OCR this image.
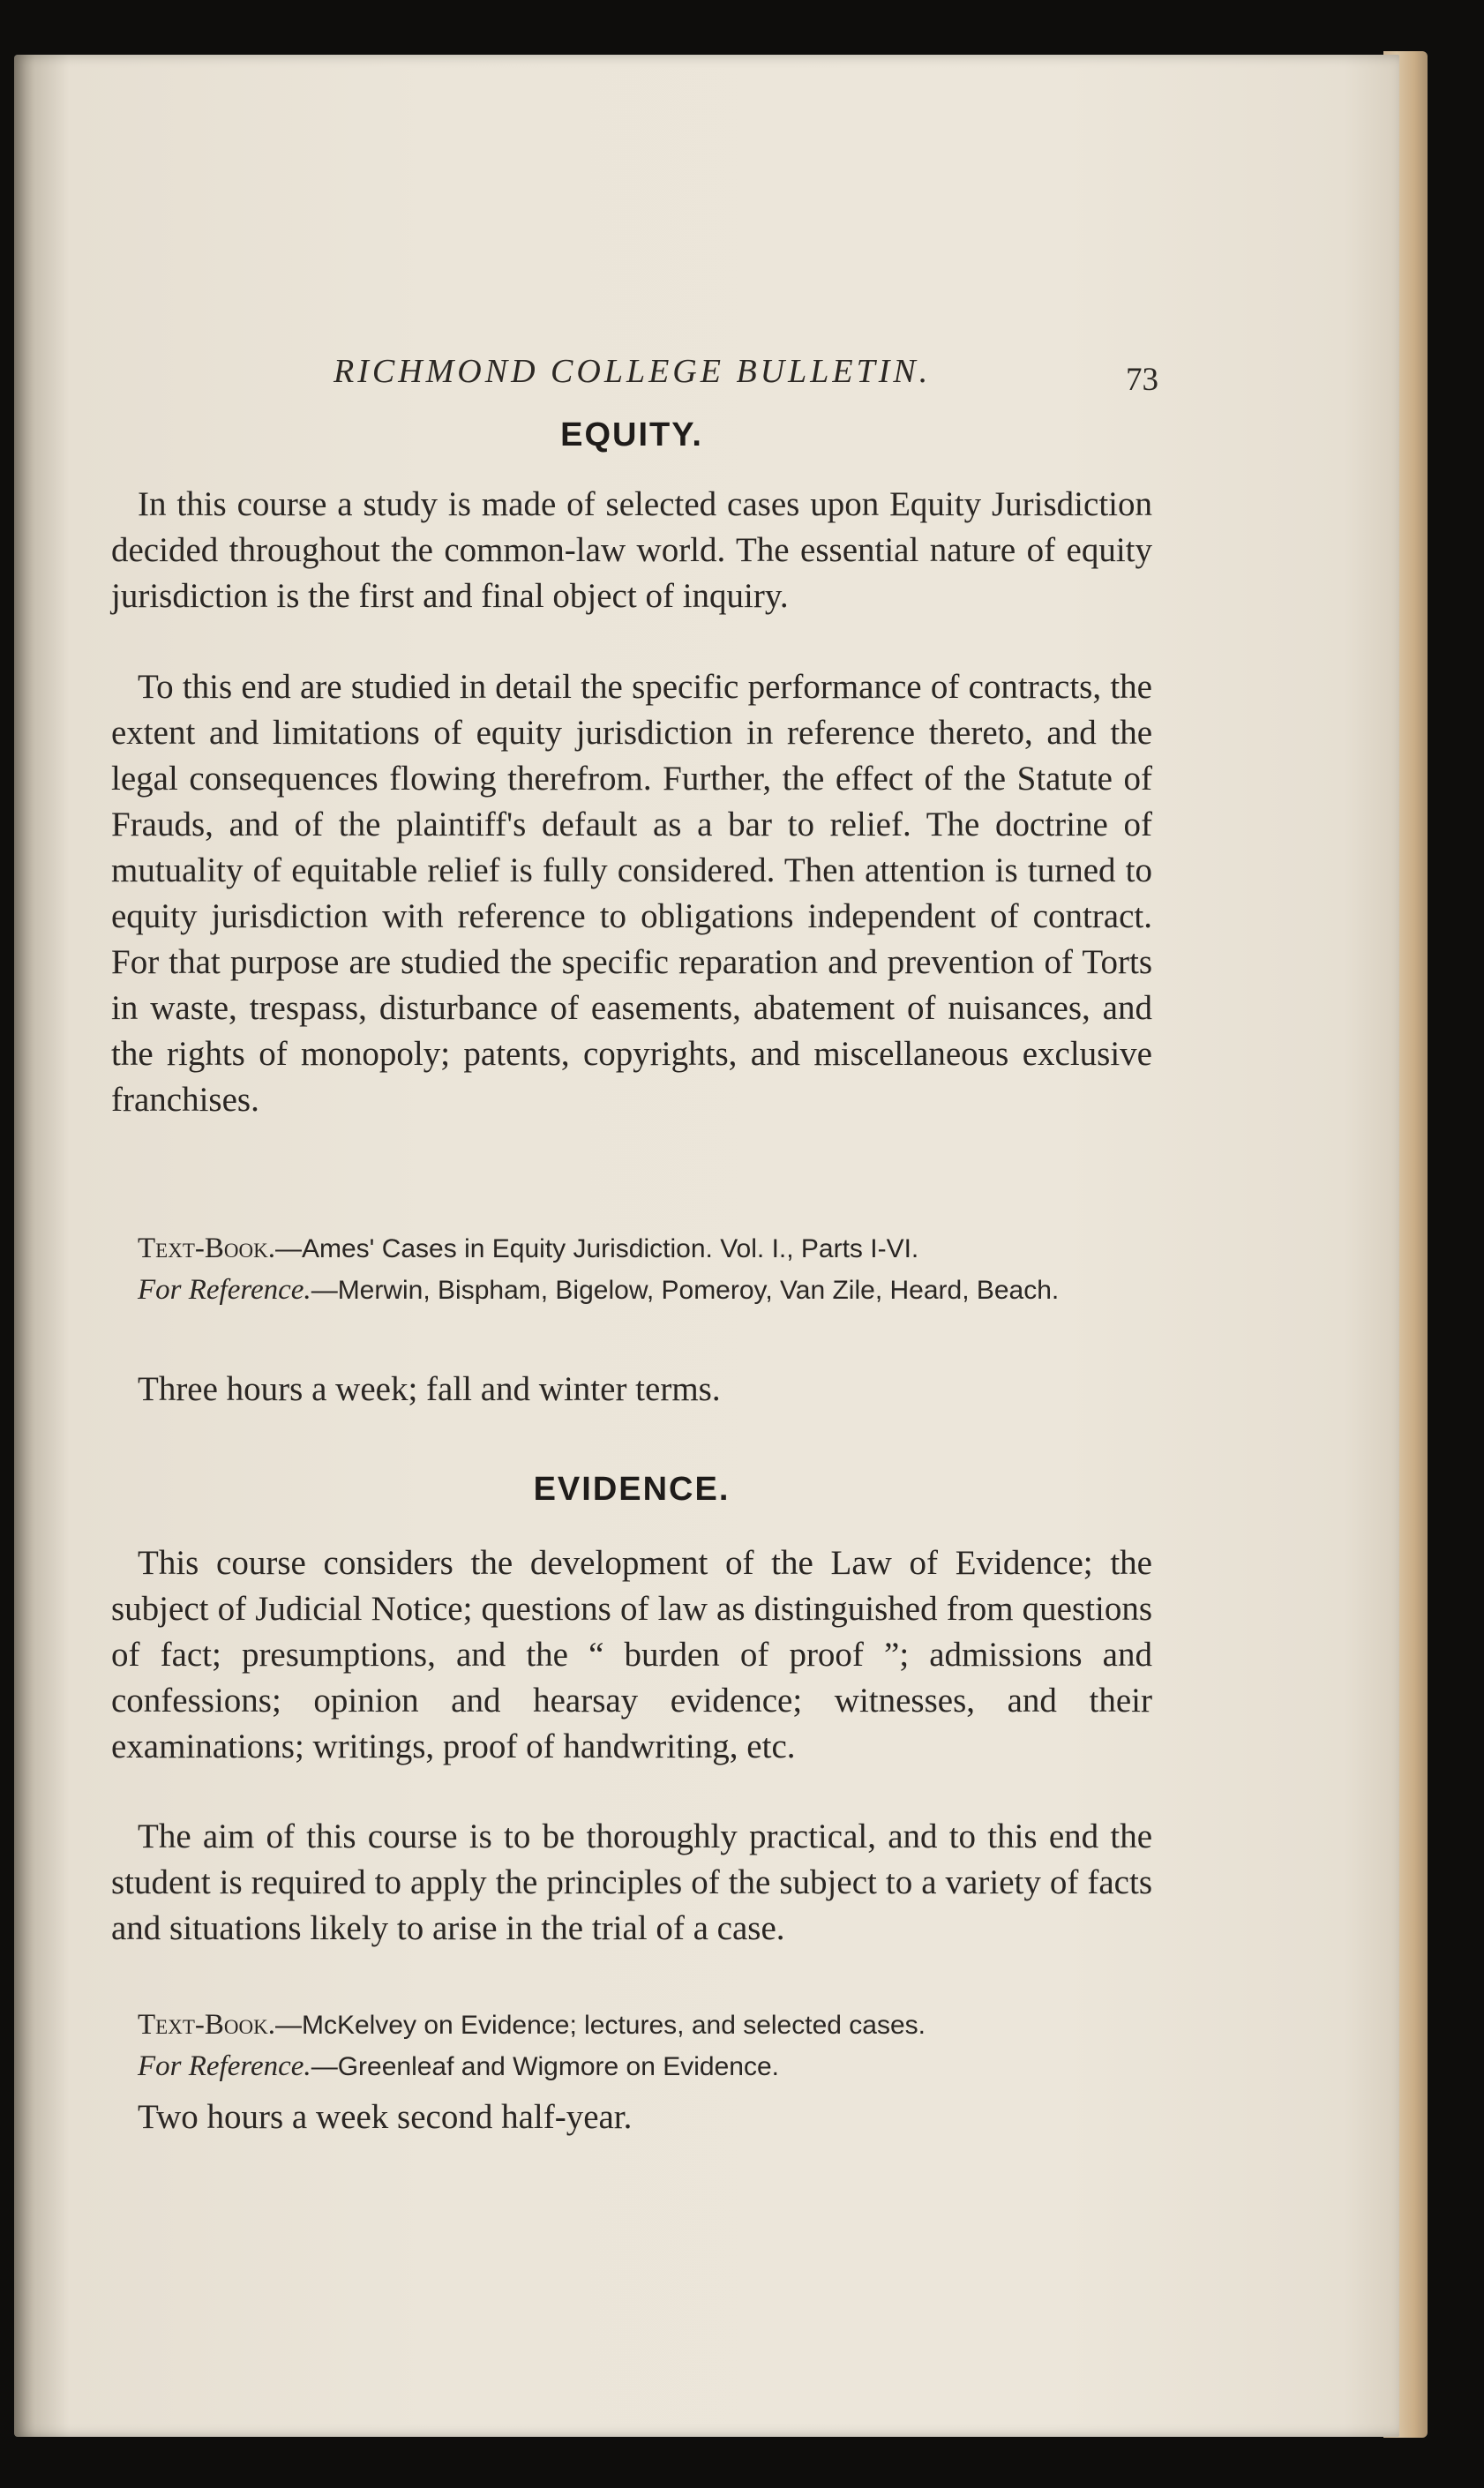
RICHMOND COLLEGE BULLETIN.	73
EQUITY.

In this course a study is made of selected cases upon Equity Jurisdiction decided throughout the common-law world. The essential nature of equity jurisdiction is the first and final object of inquiry.

To this end are studied in detail the specific performance of contracts, the extent and limitations of equity jurisdiction in reference thereto, and the legal consequences flowing therefrom. Further, the effect of the Statute of Frauds, and of the plaintiff's default as a bar to relief. The doctrine of mutuality of equitable relief is fully considered. Then attention is turned to equity jurisdiction with reference to obligations independent of contract. For that purpose are studied the specific reparation and prevention of Torts in waste, trespass, disturbance of easements, abatement of nuisances, and the rights of monopoly; patents, copyrights, and miscellaneous exclusive franchises.

Text-Book.—Ames' Cases in Equity Jurisdiction. Vol. I., Parts I-VI.
For Reference.—Merwin, Bispham, Bigelow, Pomeroy, Van Zile, Heard, Beach.
Three hours a week; fall and winter terms.
EVIDENCE.

This course considers the development of the Law of Evidence; the subject of Judicial Notice; questions of law as distinguished from questions of fact; presumptions, and the “ burden of proof ”; admissions and confessions; opinion and hearsay evidence; witnesses, and their examinations; writings, proof of handwriting, etc.

The aim of this course is to be thoroughly practical, and to this end the student is required to apply the principles of the subject to a variety of facts and situations likely to arise in the trial of a case.

Text-Book.—McKelvey on Evidence; lectures, and selected cases.
For Reference.—Greenleaf and Wigmore on Evidence.
Two hours a week second half-year.
